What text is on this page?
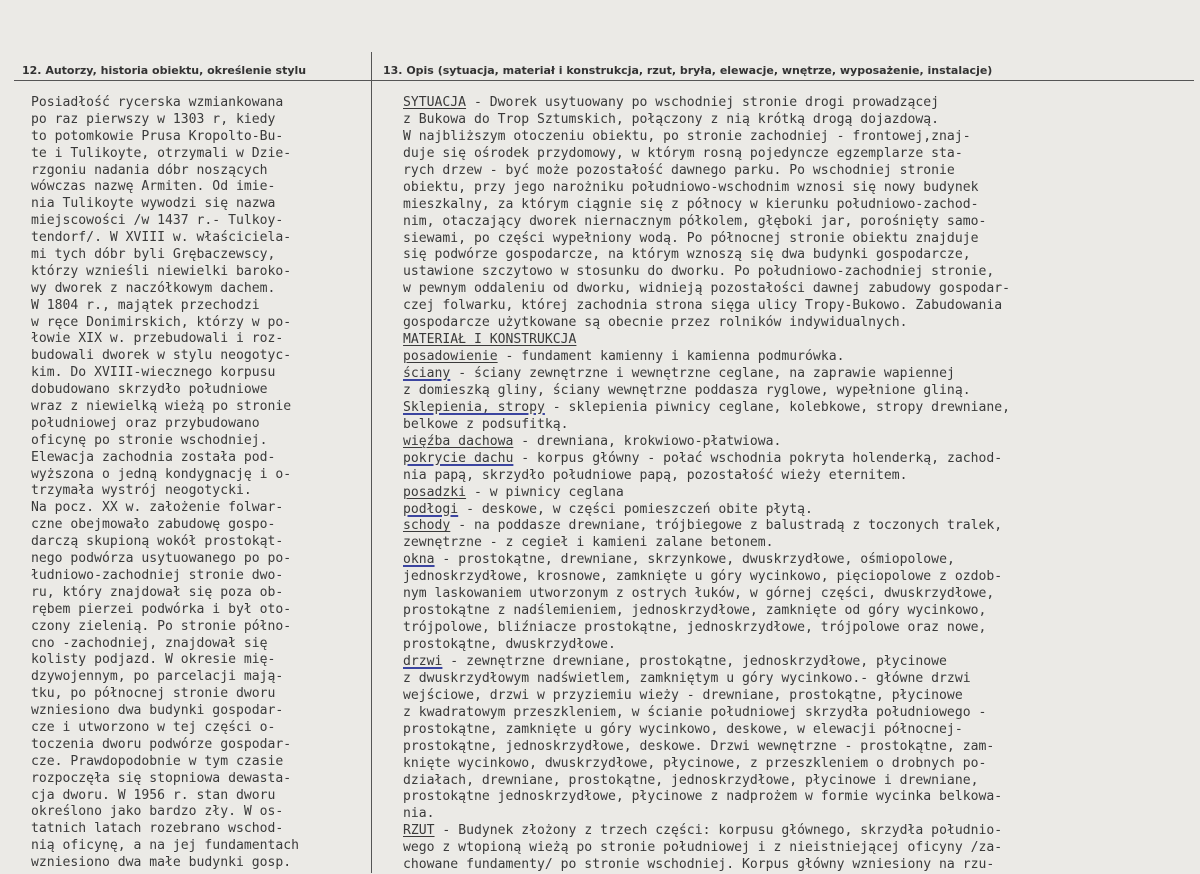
12. Autorzy, historia obiektu, określenie stylu	13. Opis (sytuacja, materiał i konstrukcja, rzut, bryła, elewacje, wnętrze, wyposażenie, instalacje)
Posiadłość rycerska wzmiankowana
po raz pierwszy w 1303 r, kiedy
to potomkowie Prusa Kropolto-Bu-
te i Tulikoyte, otrzymali w Dzie-
rzgoniu nadania dóbr noszących
wówczas nazwę Armiten. Od imie-
nia Tulikoyte wywodzi się nazwa
miejscowości /w 1437 r.- Tulkoy-
tendorf/. W XVIII w. właściciela-
mi tych dóbr byli Grębaczewscy,
którzy wznieśli niewielki baroko-
wy dworek z naczółkowym dachem.
W 1804 r., majątek przechodzi
w ręce Donimirskich, którzy w po-
łowie XIX w. przebudowali i roz-
budowali dworek w stylu neogotyc-
kim. Do XVIII-wiecznego korpusu
dobudowano skrzydło południowe
wraz z niewielką wieżą po stronie
południowej oraz przybudowano
oficynę po stronie wschodniej.
Elewacja zachodnia została pod-
wyższona o jedną kondygnację i o-
trzymała wystrój neogotycki.
Na pocz. XX w. założenie folwar-
czne obejmowało zabudowę gospo-
darczą skupioną wokół prostokąt-
nego podwórza usytuowanego po po-
łudniowo-zachodniej stronie dwo-
ru, który znajdował się poza ob-
rębem pierzei podwórka i był oto-
czony zielenią. Po stronie półno-
cno -zachodniej, znajdował się
kolisty podjazd. W okresie mię-
dzywojennym, po parcelacji mają-
tku, po północnej stronie dworu
wzniesiono dwa budynki gospodar-
cze i utworzono w tej części o-
toczenia dworu podwórze gospodar-
cze. Prawdopodobnie w tym czasie
rozpoczęła się stopniowa dewasta-
cja dworu. W 1956 r. stan dworu
określono jako bardzo zły. W os-
tatnich latach rozebrano wschod-
nią oficynę, a na jej fundamentach
wzniesiono dwa małe budynki gosp.
SYTUACJA - Dworek usytuowany po wschodniej stronie drogi prowadzącej
z Bukowa do Trop Sztumskich, połączony z nią krótką drogą dojazdową.
W najbliższym otoczeniu obiektu, po stronie zachodniej - frontowej,znaj-
duje się ośrodek przydomowy, w którym rosną pojedyncze egzemplarze sta-
rych drzew - być może pozostałość dawnego parku. Po wschodniej stronie
obiektu, przy jego narożniku południowo-wschodnim wznosi się nowy budynek
mieszkalny, za którym ciągnie się z północy w kierunku południowo-zachod-
nim, otaczający dworek niernacznym półkolem, głęboki jar, porośnięty samo-
siewami, po części wypełniony wodą. Po północnej stronie obiektu znajduje
się podwórze gospodarcze, na którym wznoszą się dwa budynki gospodarcze,
ustawione szczytowo w stosunku do dworku. Po południowo-zachodniej stronie,
w pewnym oddaleniu od dworku, widnieją pozostałości dawnej zabudowy gospodar-
czej folwarku, której zachodnia strona sięga ulicy Tropy-Bukowo. Zabudowania
gospodarcze użytkowane są obecnie przez rolników indywidualnych.
MATERIAŁ I KONSTRUKCJA
posadowienie - fundament kamienny i kamienna podmurówka.
ściany - ściany zewnętrzne i wewnętrzne ceglane, na zaprawie wapiennej
z domieszką gliny, ściany wewnętrzne poddasza ryglowe, wypełnione gliną.
Sklepienia, stropy - sklepienia piwnicy ceglane, kolebkowe, stropy drewniane,
belkowe z podsufitką.
więźba dachowa - drewniana, krokwiowo-płatwiowa.
pokrycie dachu - korpus główny - połać wschodnia pokryta holenderką, zachod-
nia papą, skrzydło południowe papą, pozostałość wieży eternitem.
posadzki - w piwnicy ceglana
podłogi - deskowe, w części pomieszczeń obite płytą.
schody - na poddasze drewniane, trójbiegowe z balustradą z toczonych tralek,
zewnętrzne - z cegieł i kamieni zalane betonem.
okna - prostokątne, drewniane, skrzynkowe, dwuskrzydłowe, ośmiopolowe,
jednoskrzydłowe, krosnowe, zamknięte u góry wycinkowo, pięciopolowe z ozdob-
nym laskowaniem utworzonym z ostrych łuków, w górnej części, dwuskrzydłowe,
prostokątne z nadślemieniem, jednoskrzydłowe, zamknięte od góry wycinkowo,
trójpolowe, bliźniacze prostokątne, jednoskrzydłowe, trójpolowe oraz nowe,
prostokątne, dwuskrzydłowe.
drzwi - zewnętrzne drewniane, prostokątne, jednoskrzydłowe, płycinowe
z dwuskrzydłowym nadświetlem, zamkniętym u góry wycinkowo.- główne drzwi
wejściowe, drzwi w przyziemiu wieży - drewniane, prostokątne, płycinowe
z kwadratowym przeszkleniem, w ścianie południowej skrzydła południowego -
prostokątne, zamknięte u góry wycinkowo, deskowe, w elewacji północnej-
prostokątne, jednoskrzydłowe, deskowe. Drzwi wewnętrzne - prostokątne, zam-
knięte wycinkowo, dwuskrzydłowe, płycinowe, z przeszkleniem o drobnych po-
działach, drewniane, prostokątne, jednoskrzydłowe, płycinowe i drewniane,
prostokątne jednoskrzydłowe, płycinowe z nadprożem w formie wycinka belkowa-
nia.
RZUT - Budynek złożony z trzech części: korpusu głównego, skrzydła południo-
wego z wtopioną wieżą po stronie południowej i z nieistniejącej oficyny /za-
chowane fundamenty/ po stronie wschodniej. Korpus główny wzniesiony na rzu-
